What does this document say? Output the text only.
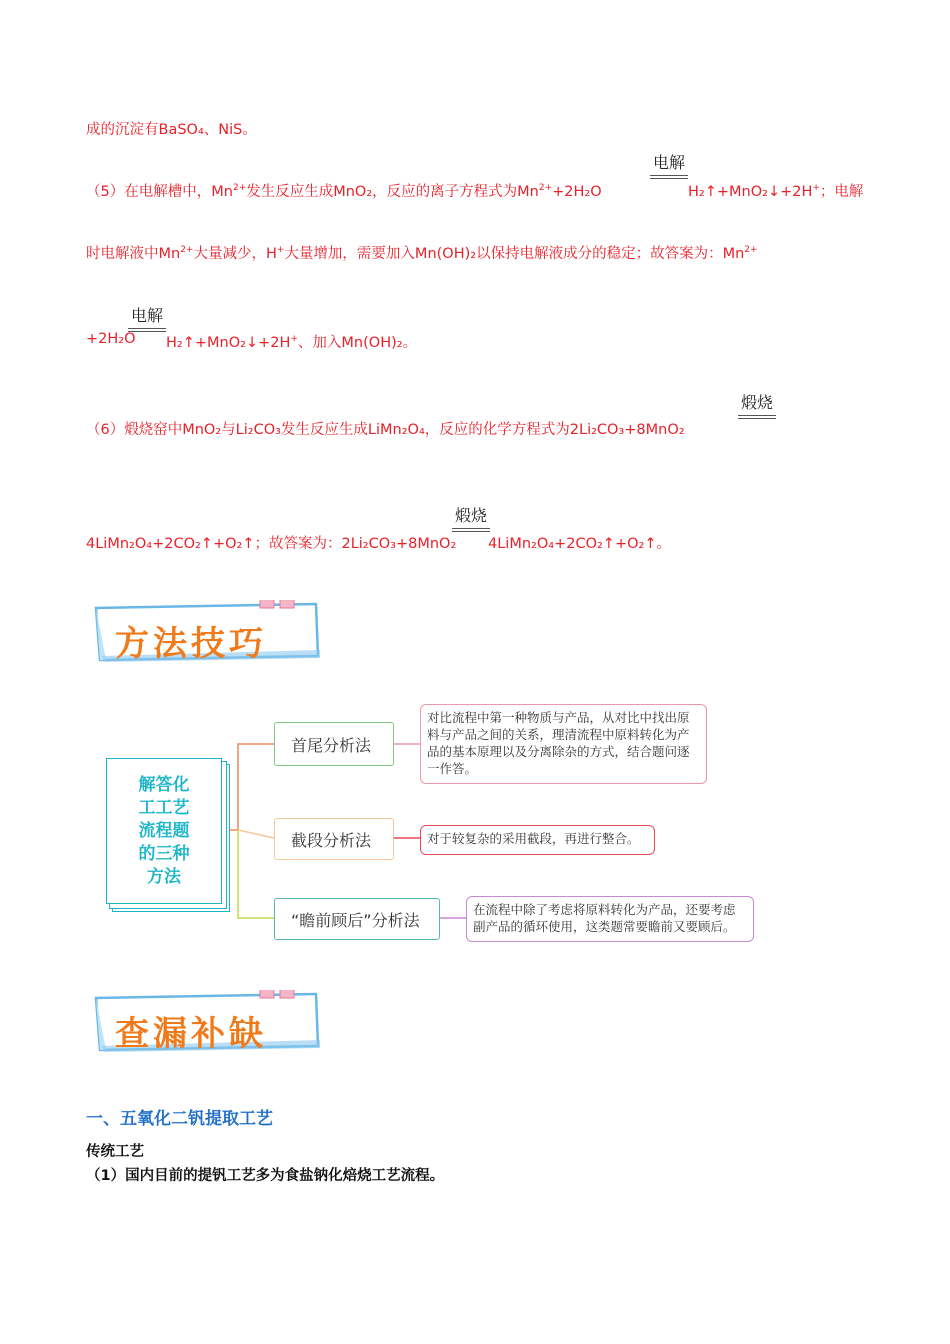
成的沉淀有BaSO₄、NiS。
电解
（5）在电解槽中，$Mn^{2+}$发生反应生成MnO₂，反应的离子方程式为$Mn^{2+}+2H_2O$	H₂↑+MnO₂↓+2H+；电解
时电解液中$Mn^{2+}$大量减少，H+大量增加，需要加入Mn(OH)₂以保持电解液成分的稳定；故答案为：$Mn^{2+}$
电解
+2H₂O H₂↑+MnO₂↓+2H+、加入Mn(OH)₂。
煅烧
（6）煅烧窑中MnO₂与Li₂CO₃发生反应生成LiMn₂O₄，反应的化学方程式为2Li₂CO₃+8MnO₂
煅烧
4LiMn₂O₄+2CO₂↑+O₂↑；故答案为：2Li₂CO₃+8MnO₂ 4LiMn₂O₄+2CO₂↑+O₂↑。
方法技巧
解答化工工艺流程题的三种方法
首尾分析法
对比流程中第一种物质与产品，从对比中找出原料与产品之间的关系，理清流程中原料转化为产品的基本原理以及分离除杂的方式，结合题问逐一作答。
截段分析法	对于较复杂的采用截段，再进行整合。
“瞻前顾后”分析法
在流程中除了考虑将原料转化为产品，还要考虑副产品的循环使用，这类题常要瞻前又要顾后。
查漏补缺
一、五氧化二钒提取工艺
传统工艺
（1）国内目前的提钒工艺多为食盐钠化焙烧工艺流程。
